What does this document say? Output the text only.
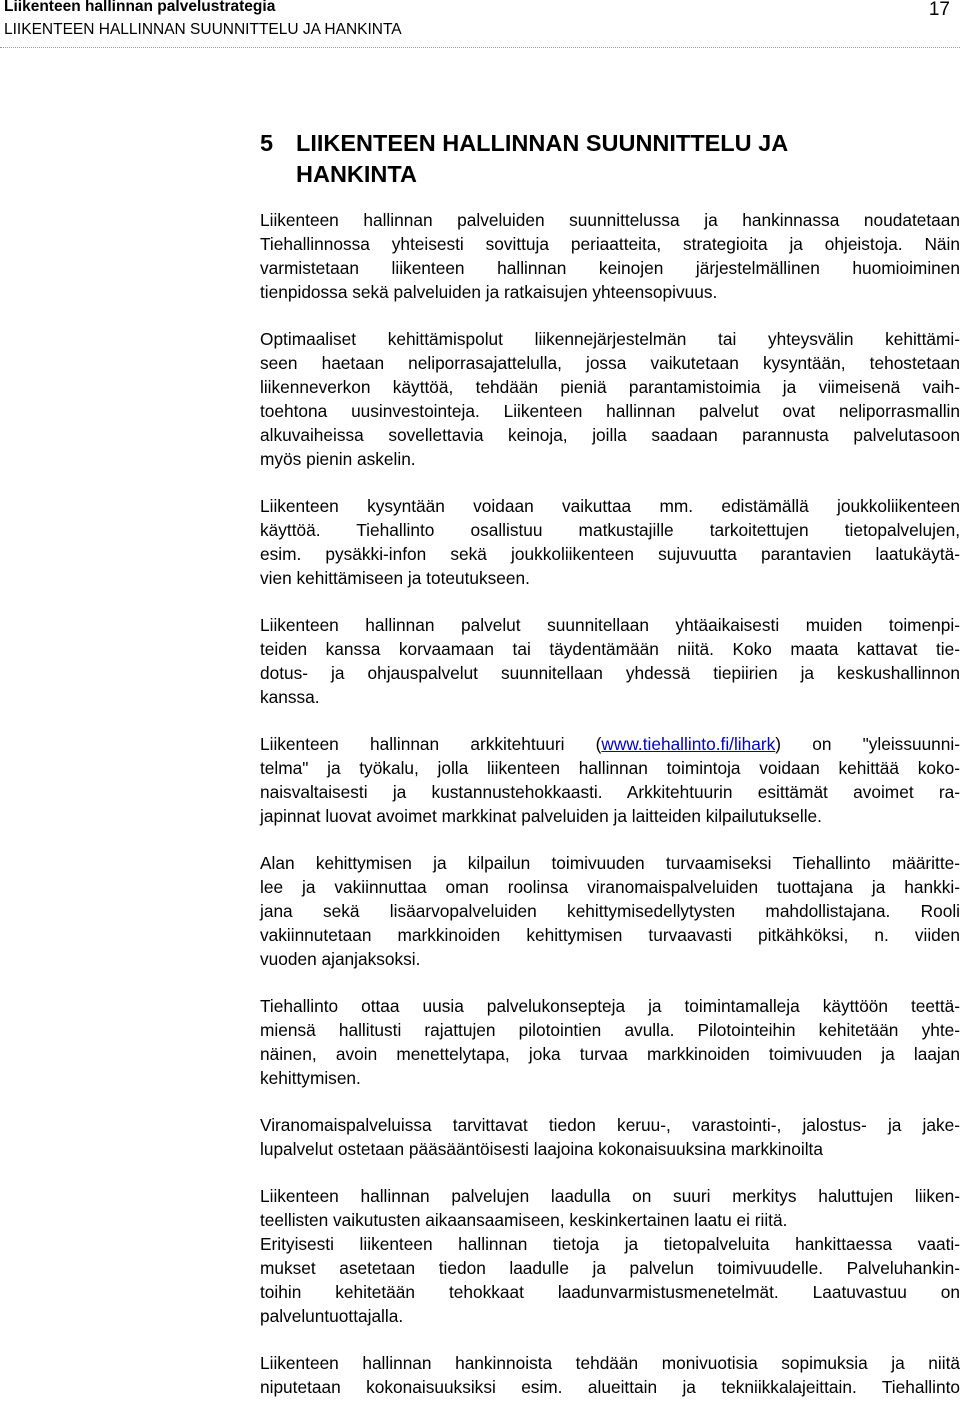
Liikenteen hallinnan palvelustrategia
LIIKENTEEN HALLINNAN SUUNNITTELU JA HANKINTA
17
5 LIIKENTEEN HALLINNAN SUUNNITTELU JA
HANKINTA

Liikenteen hallinnan palveluiden suunnittelussa ja hankinnassa noudatetaan
Tiehallinnossa yhteisesti sovittuja periaatteita, strategioita ja ohjeistoja. Näin
varmistetaan liikenteen hallinnan keinojen järjestelmällinen huomioiminen
tienpidossa sekä palveluiden ja ratkaisujen yhteensopivuus.

Optimaaliset kehittämispolut liikennejärjestelmän tai yhteysvälin kehittämi-
seen haetaan neliporrasajattelulla, jossa vaikutetaan kysyntään, tehostetaan
liikenneverkon käyttöä, tehdään pieniä parantamistoimia ja viimeisenä vaih-
toehtona uusinvestointeja. Liikenteen hallinnan palvelut ovat neliporrasmallin
alkuvaiheissa sovellettavia keinoja, joilla saadaan parannusta palvelutasoon
myös pienin askelin.

Liikenteen kysyntään voidaan vaikuttaa mm. edistämällä joukkoliikenteen
käyttöä. Tiehallinto osallistuu matkustajille tarkoitettujen tietopalvelujen,
esim. pysäkki-infon sekä joukkoliikenteen sujuvuutta parantavien laatukäytä-
vien kehittämiseen ja toteutukseen.

Liikenteen hallinnan palvelut suunnitellaan yhtäaikaisesti muiden toimenpi-
teiden kanssa korvaamaan tai täydentämään niitä. Koko maata kattavat tie-
dotus- ja ohjauspalvelut suunnitellaan yhdessä tiepiirien ja keskushallinnon
kanssa.

Liikenteen hallinnan arkkitehtuuri (www.tiehallinto.fi/lihark) on "yleissuunni-
telma" ja työkalu, jolla liikenteen hallinnan toimintoja voidaan kehittää koko-
naisvaltaisesti ja kustannustehokkaasti. Arkkitehtuurin esittämät avoimet ra-
japinnat luovat avoimet markkinat palveluiden ja laitteiden kilpailutukselle.

Alan kehittymisen ja kilpailun toimivuuden turvaamiseksi Tiehallinto määritte-
lee ja vakiinnuttaa oman roolinsa viranomaispalveluiden tuottajana ja hankki-
jana sekä lisäarvopalveluiden kehittymisedellytysten mahdollistajana. Rooli
vakiinnutetaan markkinoiden kehittymisen turvaavasti pitkähköksi, n. viiden
vuoden ajanjaksoksi.

Tiehallinto ottaa uusia palvelukonsepteja ja toimintamalleja käyttöön teettä-
miensä hallitusti rajattujen pilotointien avulla. Pilotointeihin kehitetään yhte-
näinen, avoin menettelytapa, joka turvaa markkinoiden toimivuuden ja laajan
kehittymisen.

Viranomaispalveluissa tarvittavat tiedon keruu-, varastointi-, jalostus- ja jake-
lupalvelut ostetaan pääsääntöisesti laajoina kokonaisuuksina markkinoilta

Liikenteen hallinnan palvelujen laadulla on suuri merkitys haluttujen liiken-
teellisten vaikutusten aikaansaamiseen, keskinkertainen laatu ei riitä.

Erityisesti liikenteen hallinnan tietoja ja tietopalveluita hankittaessa vaati-
mukset asetetaan tiedon laadulle ja palvelun toimivuudelle. Palveluhankin-
toihin kehitetään tehokkaat laadunvarmistusmenetelmät. Laatuvastuu on
palveluntuottajalla.

Liikenteen hallinnan hankinnoista tehdään monivuotisia sopimuksia ja niitä
niputetaan kokonaisuuksiksi esim. alueittain ja tekniikkalajeittain. Tiehallinto
